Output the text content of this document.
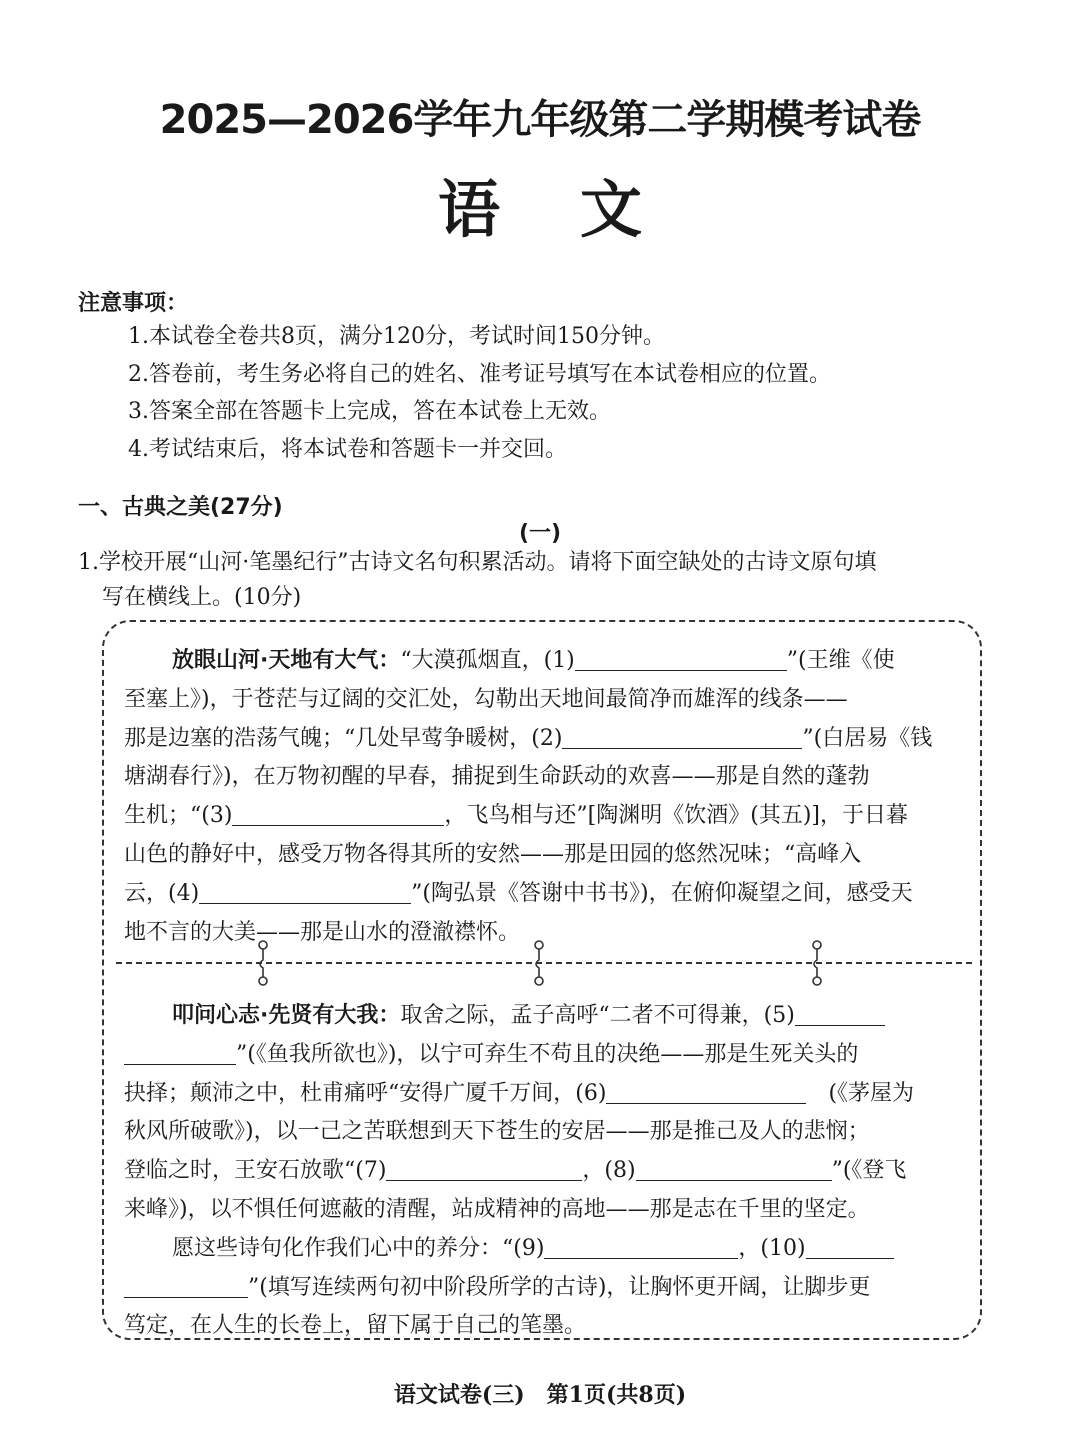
2025—2026学年九年级第二学期模考试卷
语 文
注意事项：
1.本试卷全卷共8页，满分120分，考试时间150分钟。
2.答卷前，考生务必将自己的姓名、准考证号填写在本试卷相应的位置。
3.答案全部在答题卡上完成，答在本试卷上无效。
4.考试结束后，将本试卷和答题卡一并交回。
一、古典之美(27分)
(一)
1.学校开展“山河·笔墨纪行”古诗文名句积累活动。请将下面空缺处的古诗文原句填
写在横线上。(10分)
放眼山河·天地有大气：“大漠孤烟直，(1)	”(王维《使
至塞上》)，于苍茫与辽阔的交汇处，勾勒出天地间最简净而雄浑的线条——
那是边塞的浩荡气魄；“几处早莺争暖树，(2)	”(白居易《钱
塘湖春行》)，在万物初醒的早春，捕捉到生命跃动的欢喜——那是自然的蓬勃
生机；“(3)	，飞鸟相与还”[陶渊明《饮酒》(其五)]，于日暮
山色的静好中，感受万物各得其所的安然——那是田园的悠然况味；“高峰入
云，(4)	”(陶弘景《答谢中书书》)，在俯仰凝望之间，感受天
地不言的大美——那是山水的澄澈襟怀。
叩问心志·先贤有大我：取舍之际，孟子高呼“二者不可得兼，(5)
”(《鱼我所欲也》)，以宁可弃生不苟且的决绝——那是生死关头的
抉择；颠沛之中，杜甫痛呼“安得广厦千万间，(6)　	(《茅屋为
秋风所破歌》)，以一己之苦联想到天下苍生的安居——那是推己及人的悲悯；
登临之时，王安石放歌“(7)	，(8)	”(《登飞
来峰》)，以不惧任何遮蔽的清醒，站成精神的高地——那是志在千里的坚定。
愿这些诗句化作我们心中的养分：“(9)	，(10)
”(填写连续两句初中阶段所学的古诗)，让胸怀更开阔，让脚步更
笃定，在人生的长卷上，留下属于自己的笔墨。
语文试卷(三)　第1页(共8页)
